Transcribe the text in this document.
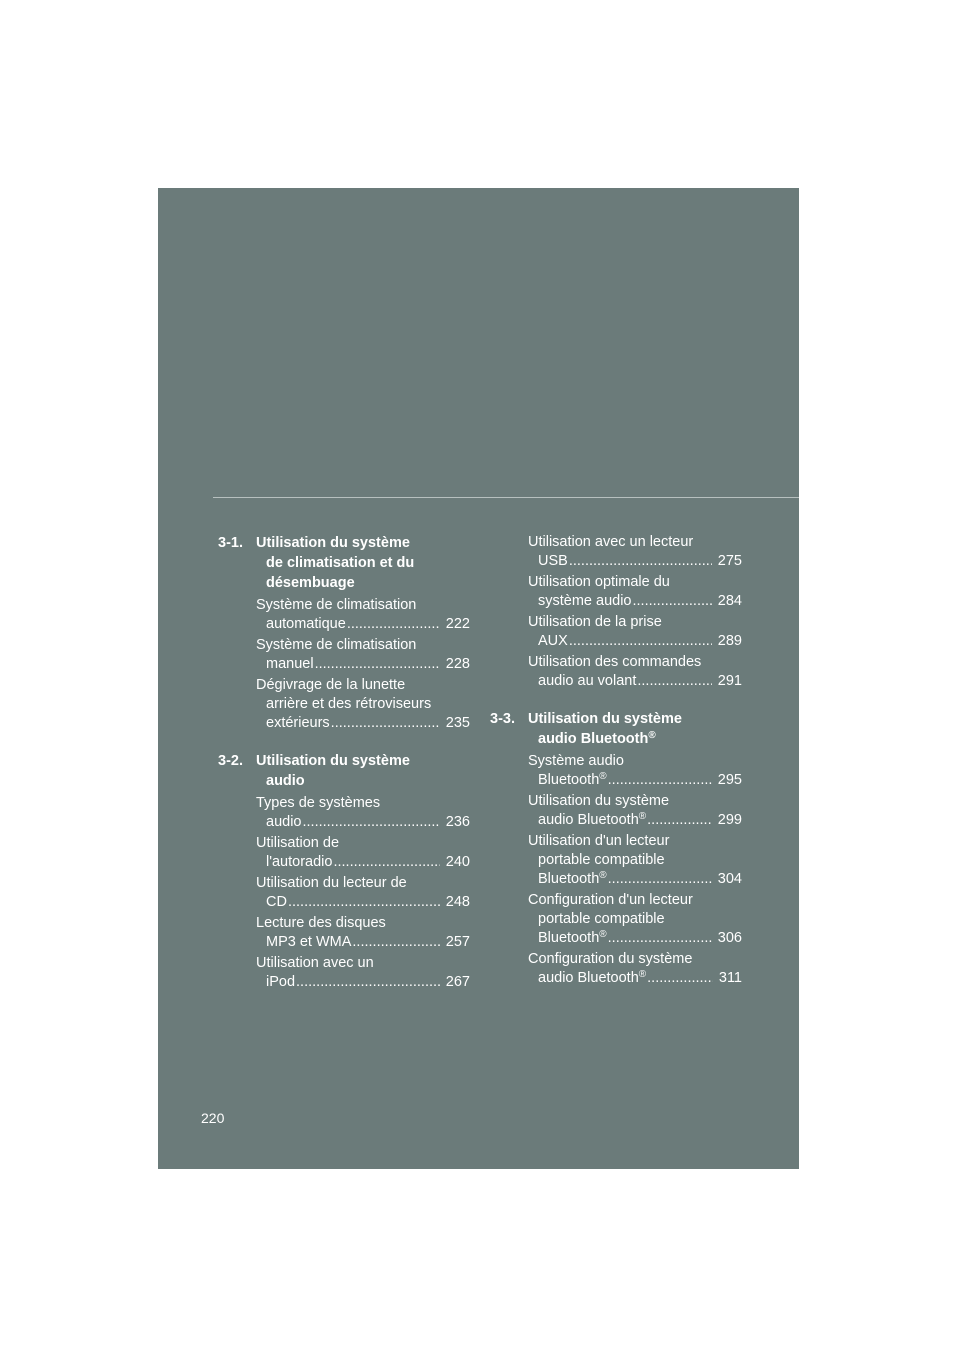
3-1. Utilisation du système
de climatisation et du
désembuage
Système de climatisation
automatique .....	222
Système de climatisation
manuel .....	228
Dégivrage de la lunette
arrière et des rétroviseurs
extérieurs .....	235
3-2. Utilisation du système
audio
Types de systèmes
audio .....	236
Utilisation de
l'autoradio .....	240
Utilisation du lecteur de
CD .....	248
Lecture des disques
MP3 et WMA .....	257
Utilisation avec un
iPod .....	267
Utilisation avec un lecteur
USB .....	275
Utilisation optimale du
système audio .....	284
Utilisation de la prise
AUX .....	289
Utilisation des commandes
audio au volant .....	291
3-3. Utilisation du système
audio Bluetooth®
Système audio
Bluetooth® .....	295
Utilisation du système
audio Bluetooth® .....	299
Utilisation d'un lecteur
portable compatible
Bluetooth® .....	304
Configuration d'un lecteur
portable compatible
Bluetooth® .....	306
Configuration du système
audio Bluetooth® .....	311
220
